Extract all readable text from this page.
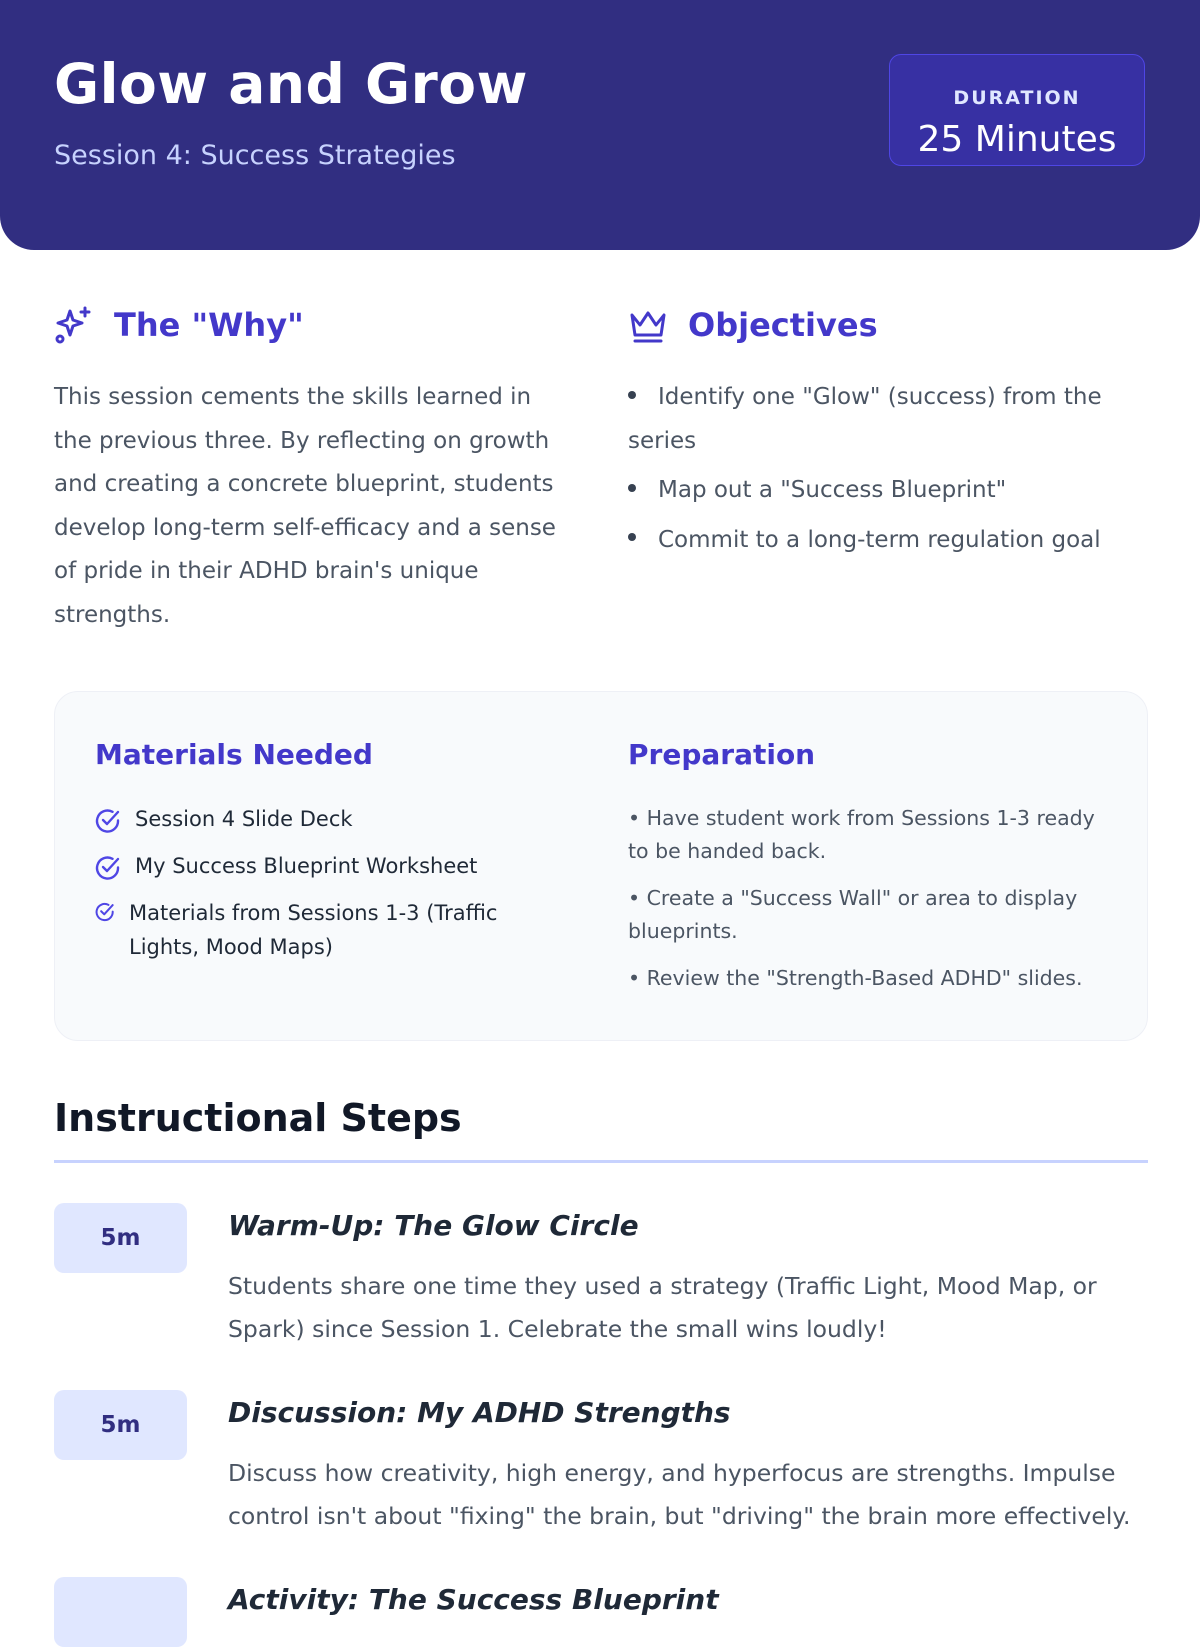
Glow and Grow

Session 4: Success Strategies

DURATION
25 Minutes
The "Why"

This session cements the skills learned in the previous three. By reflecting on growth and creating a concrete blueprint, students develop long-term self-efficacy and a sense of pride in their ADHD brain's unique strengths.

Objectives
Identify one "Glow" (success) from the series
Map out a "Success Blueprint"
Commit to a long-term regulation goal
Materials Needed
Session 4 Slide Deck
My Success Blueprint Worksheet
Materials from Sessions 1-3 (Traffic Lights, Mood Maps)
Preparation
• Have student work from Sessions 1-3 ready to be handed back.
• Create a "Success Wall" or area to display blueprints.
• Review the "Strength-Based ADHD" slides.
Instructional Steps
5m	Warm-Up: The Glow Circle

Students share one time they used a strategy (Traffic Light, Mood Map, or Spark) since Session 1. Celebrate the small wins loudly!

5m	Discussion: My ADHD Strengths

Discuss how creativity, high energy, and hyperfocus are strengths. Impulse control isn't about "fixing" the brain, but "driving" the brain more effectively.

Activity: The Success Blueprint
